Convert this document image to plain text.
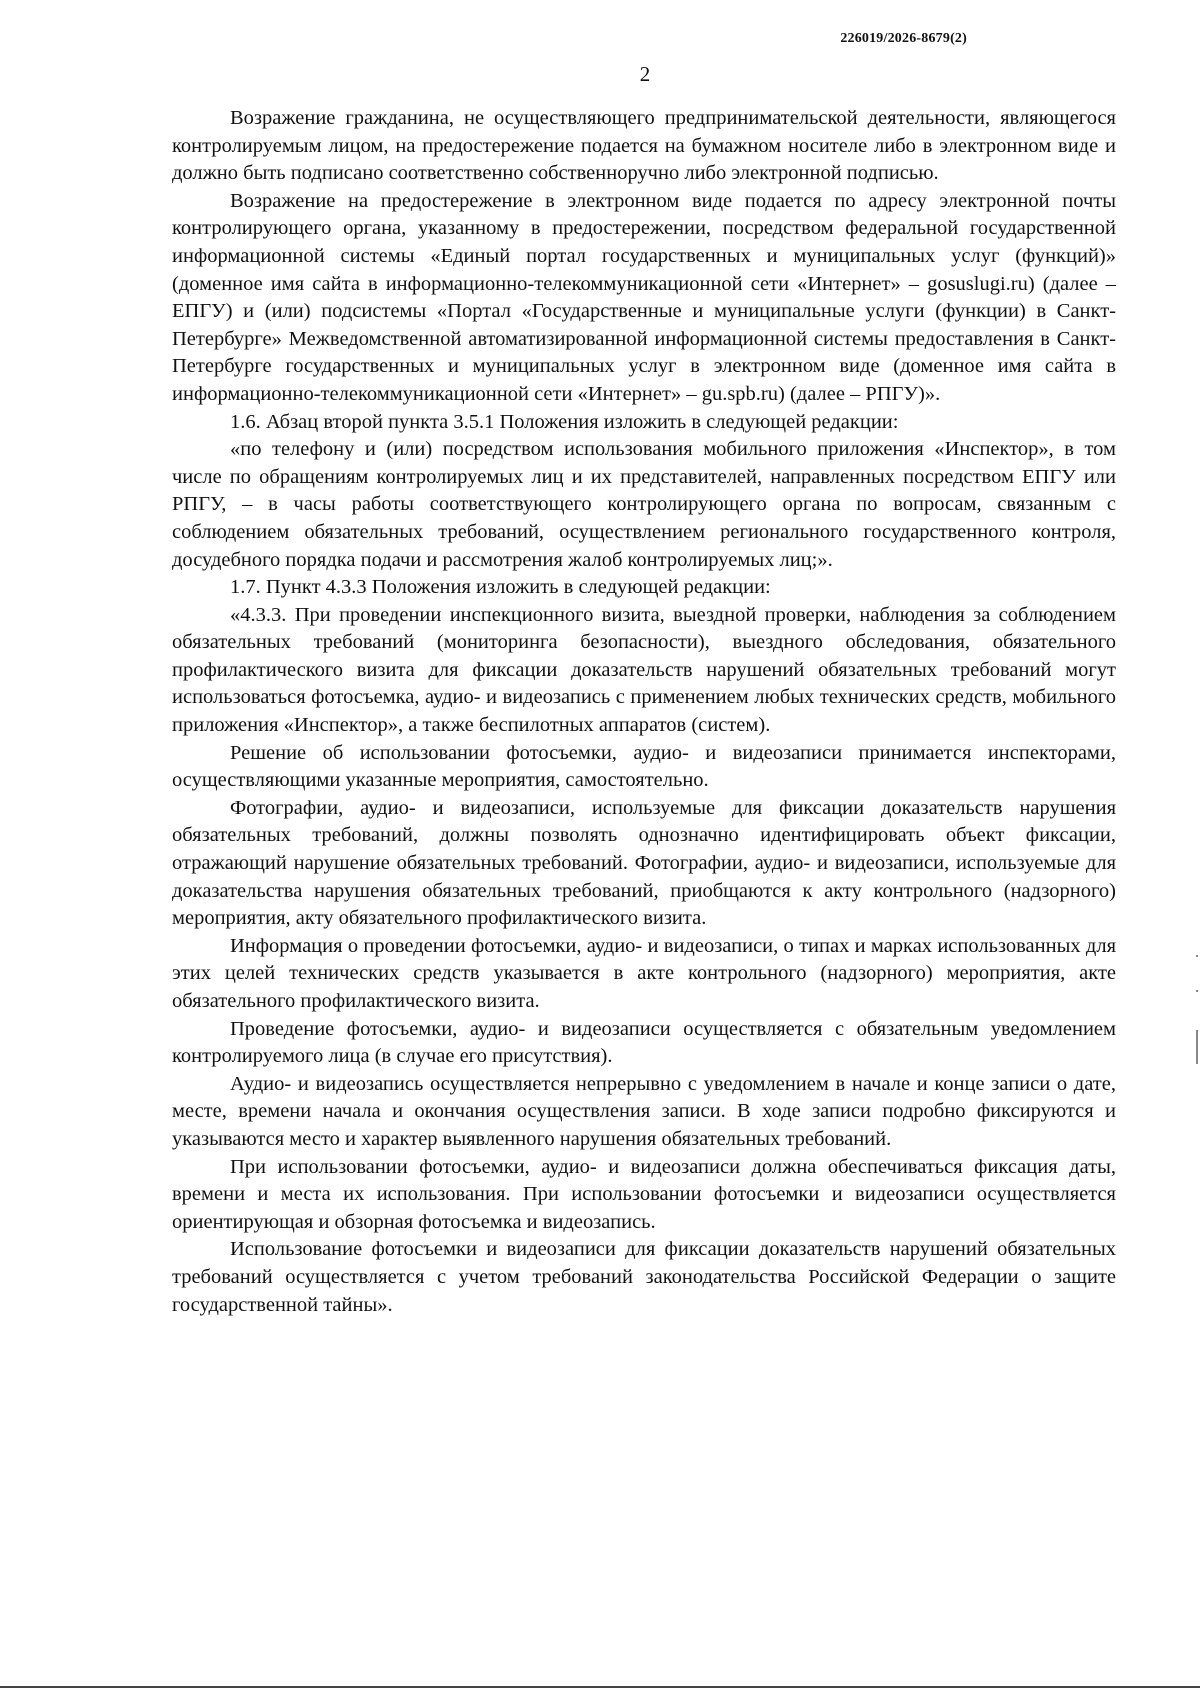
226019/2026-8679(2)
2

Возражение гражданина, не осуществляющего предпринимательской деятельности, являющегося контролируемым лицом, на предостережение подается на бумажном носителе либо в электронном виде и должно быть подписано соответственно собственноручно либо электронной подписью.

Возражение на предостережение в электронном виде подается по адресу электронной почты контролирующего органа, указанному в предостережении, посредством федеральной государственной информационной системы «Единый портал государственных и муниципальных услуг (функций)» (доменное имя сайта в информационно-телекоммуникационной сети «Интернет» – gosuslugi.ru) (далее – ЕПГУ) и (или) подсистемы «Портал «Государственные и муниципальные услуги (функции) в Санкт-Петербурге» Межведомственной автоматизированной информационной системы предоставления в Санкт-Петербурге государственных и муниципальных услуг в электронном виде (доменное имя сайта в информационно-телекоммуникационной сети «Интернет» – gu.spb.ru) (далее – РПГУ)».

1.6. Абзац второй пункта 3.5.1 Положения изложить в следующей редакции:

«по телефону и (или) посредством использования мобильного приложения «Инспектор», в том числе по обращениям контролируемых лиц и их представителей, направленных посредством ЕПГУ или РПГУ, – в часы работы соответствующего контролирующего органа по вопросам, связанным с соблюдением обязательных требований, осуществлением регионального государственного контроля, досудебного порядка подачи и рассмотрения жалоб контролируемых лиц;».

1.7. Пункт 4.3.3 Положения изложить в следующей редакции:

«4.3.3. При проведении инспекционного визита, выездной проверки, наблюдения за соблюдением обязательных требований (мониторинга безопасности), выездного обследования, обязательного профилактического визита для фиксации доказательств нарушений обязательных требований могут использоваться фотосъемка, аудио- и видеозапись с применением любых технических средств, мобильного приложения «Инспектор», а также беспилотных аппаратов (систем).

Решение об использовании фотосъемки, аудио- и видеозаписи принимается инспекторами, осуществляющими указанные мероприятия, самостоятельно.

Фотографии, аудио- и видеозаписи, используемые для фиксации доказательств нарушения обязательных требований, должны позволять однозначно идентифицировать объект фиксации, отражающий нарушение обязательных требований. Фотографии, аудио- и видеозаписи, используемые для доказательства нарушения обязательных требований, приобщаются к акту контрольного (надзорного) мероприятия, акту обязательного профилактического визита.

Информация о проведении фотосъемки, аудио- и видеозаписи, о типах и марках использованных для этих целей технических средств указывается в акте контрольного (надзорного) мероприятия, акте обязательного профилактического визита.

Проведение фотосъемки, аудио- и видеозаписи осуществляется с обязательным уведомлением контролируемого лица (в случае его присутствия).

Аудио- и видеозапись осуществляется непрерывно с уведомлением в начале и конце записи о дате, месте, времени начала и окончания осуществления записи. В ходе записи подробно фиксируются и указываются место и характер выявленного нарушения обязательных требований.

При использовании фотосъемки, аудио- и видеозаписи должна обеспечиваться фиксация даты, времени и места их использования. При использовании фотосъемки и видеозаписи осуществляется ориентирующая и обзорная фотосъемка и видеозапись.

Использование фотосъемки и видеозаписи для фиксации доказательств нарушений обязательных требований осуществляется с учетом требований законодательства Российской Федерации о защите государственной тайны».
